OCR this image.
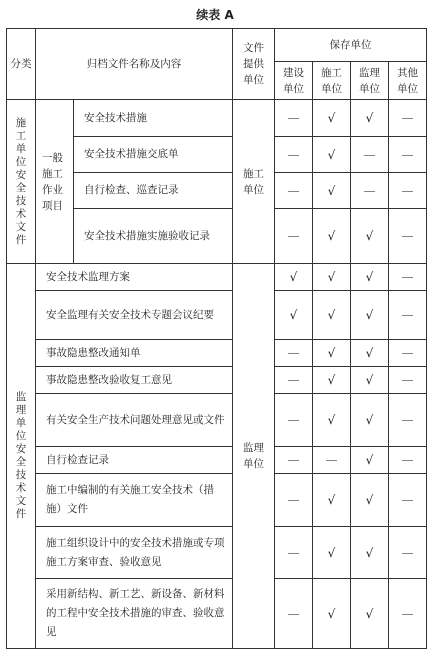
续表 A
分类	归档文件名称及内容		文件提供单位	保存单位			
				建设单位	施工单位	监理单位	其他单位
施工单位安全技术文件	一般施工作业项目	安全技术措施	施工单位	—	√	√	—
		安全技术措施交底单		—	√	—	—
		自行检查、巡查记录		—	√	—	—
		安全技术措施实施验收记录		—	√	√	—
监理单位安全技术文件	安全技术监理方案		监理单位	√	√	√	—
	安全监理有关安全技术专题会议纪要			√	√	√	—
	事故隐患整改通知单			—	√	√	—
	事故隐患整改验收复工意见			—	√	√	—
	有关安全生产技术问题处理意见或文件			—	√	√	—
	自行检查记录			—	—	√	—
	施工中编制的有关施工安全技术（措施）文件			—	√	√	—
	施工组织设计中的安全技术措施或专项施工方案审查、验收意见			—	√	√	—
	采用新结构、新工艺、新设备、新材料的工程中安全技术措施的审查、验收意见			—	√	√	—
